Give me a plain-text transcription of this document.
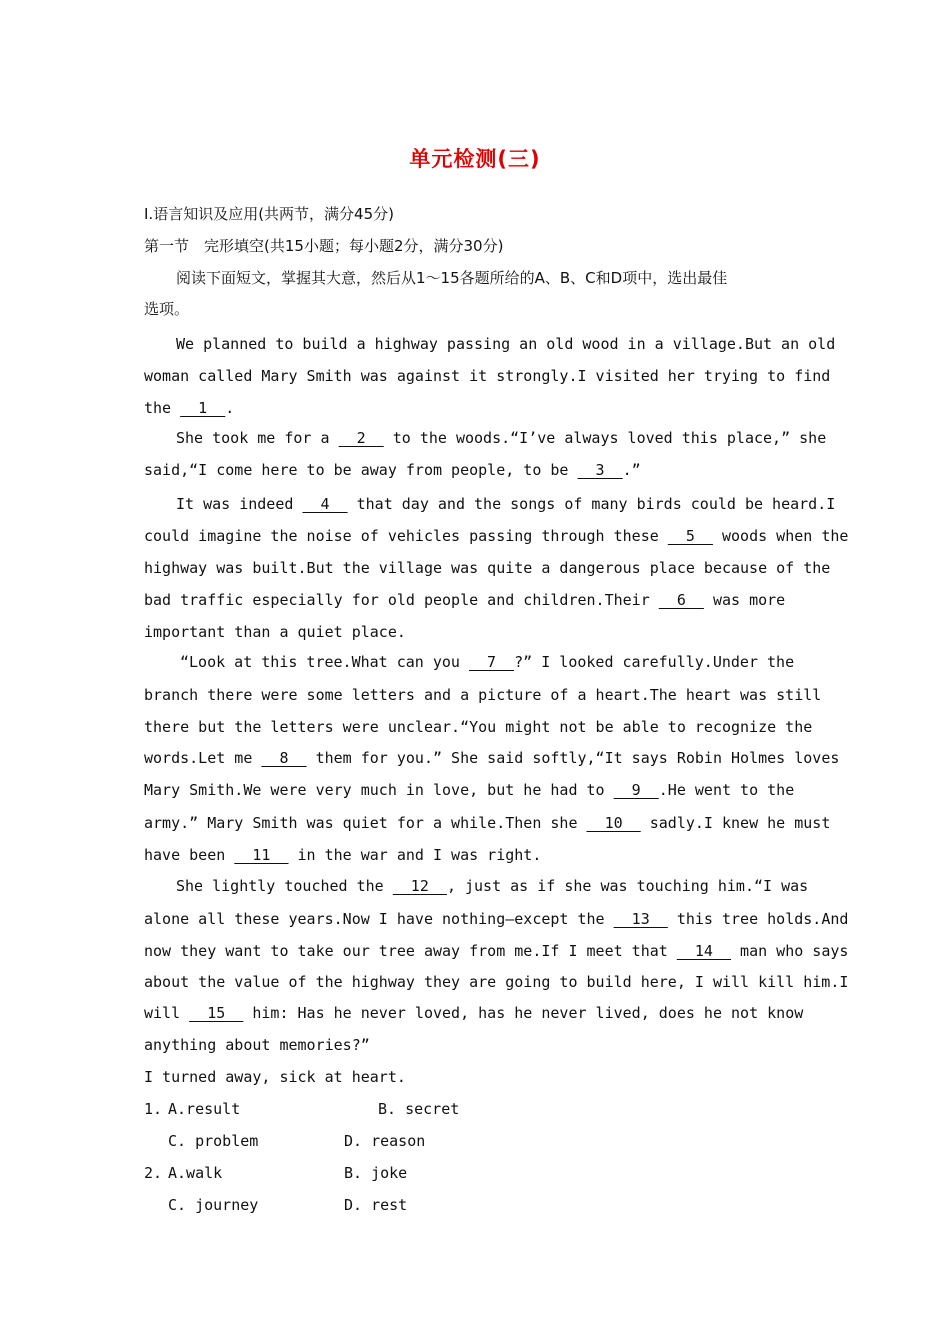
单元检测(三)
Ⅰ.语言知识及应用(共两节，满分45分)
第一节　完形填空(共15小题；每小题2分，满分30分)
阅读下面短文，掌握其大意，然后从1～15各题所给的A、B、C和D项中，选出最佳
选项。
We planned to build a highway passing an old wood in a village.But an old
woman called Mary Smith was against it strongly.I visited her trying to find
the   1  .
She took me for a   2   to the woods.“I’ve always loved this place,” she
said,“I come here to be away from people, to be   3  .”
It was indeed   4   that day and the songs of many birds could be heard.I
could imagine the noise of vehicles passing through these   5   woods when the
highway was built.But the village was quite a dangerous place because of the
bad traffic especially for old people and children.Their   6   was more
important than a quiet place.
“Look at this tree.What can you   7  ?” I looked carefully.Under the
branch there were some letters and a picture of a heart.The heart was still
there but the letters were unclear.“You might not be able to recognize the
words.Let me   8   them for you.” She said softly,“It says Robin Holmes loves
Mary Smith.We were very much in love, but he had to   9  .He went to the
army.” Mary Smith was quiet for a while.Then she   10   sadly.I knew he must
have been   11   in the war and I was right.
She lightly touched the   12  , just as if she was touching him.“I was
alone all these years.Now I have nothing—except the   13   this tree holds.And
now they want to take our tree away from me.If I meet that   14   man who says
about the value of the highway they are going to build here, I will kill him.I
will   15   him: Has he never loved, has he never lived, does he not know
anything about memories?”
I turned away, sick at heart.
1. A.result	B. secret
C. problem	D. reason
2. A.walk	B. joke
C. journey	D. rest
